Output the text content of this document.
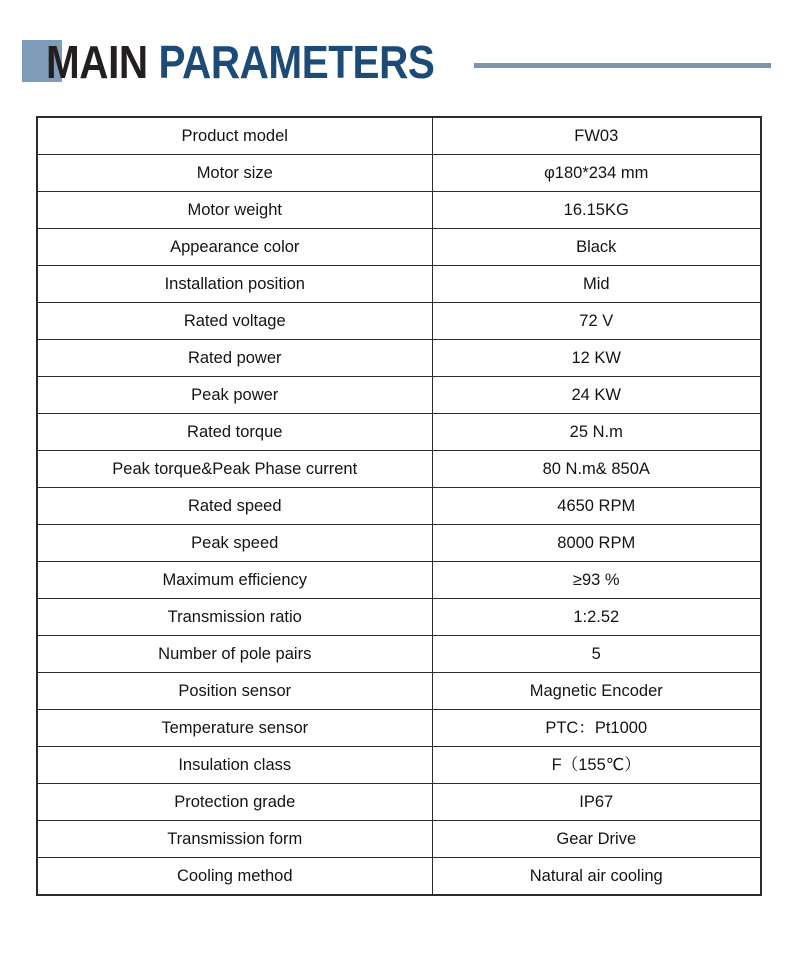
MAIN PARAMETERS
Product model	FW03
Motor size	φ180*234 mm
Motor weight	16.15KG
Appearance color	Black
Installation position	Mid
Rated voltage	72 V
Rated power	12 KW
Peak power	24 KW
Rated torque	25 N.m
Peak torque&Peak Phase current	80 N.m& 850A
Rated speed	4650 RPM
Peak speed	8000 RPM
Maximum efficiency	≥93 %
Transmission ratio	1:2.52
Number of pole pairs	5
Position sensor	Magnetic Encoder
Temperature sensor	PTC：Pt1000
Insulation class	F（155℃）
Protection grade	IP67
Transmission form	Gear Drive
Cooling method	Natural air cooling
